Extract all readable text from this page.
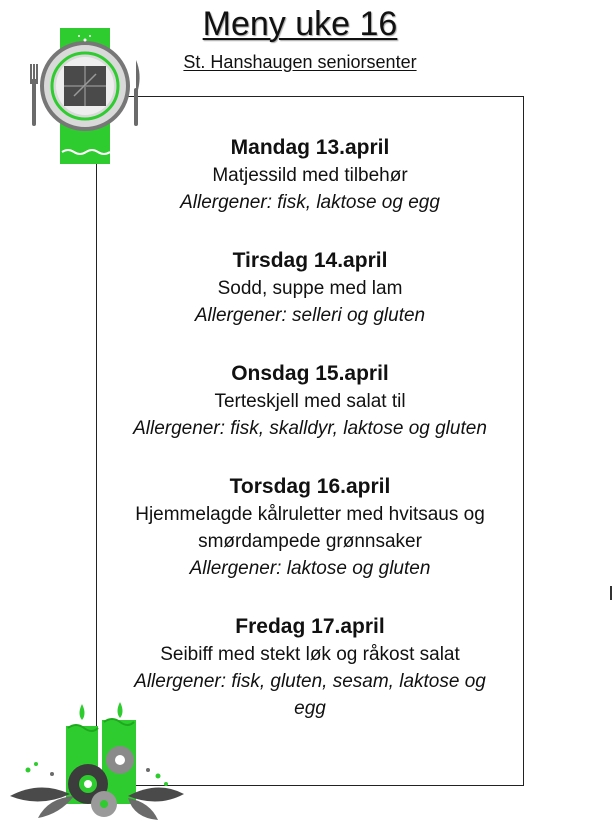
Meny uke 16
St. Hanshaugen seniorsenter
Mandag 13.april
Matjessild med tilbehør
Allergener: fisk, laktose og egg
Tirsdag 14.april
Sodd, suppe med lam
Allergener: selleri og gluten
Onsdag 15.april
Terteskjell med salat til
Allergener: fisk, skalldyr, laktose og gluten
Torsdag 16.april
Hjemmelagde kålruletter med hvitsaus og
smørdampede grønnsaker
Allergener: laktose og gluten
Fredag 17.april
Seibiff med stekt løk og råkost salat
Allergener: fisk, gluten, sesam, laktose og
egg
